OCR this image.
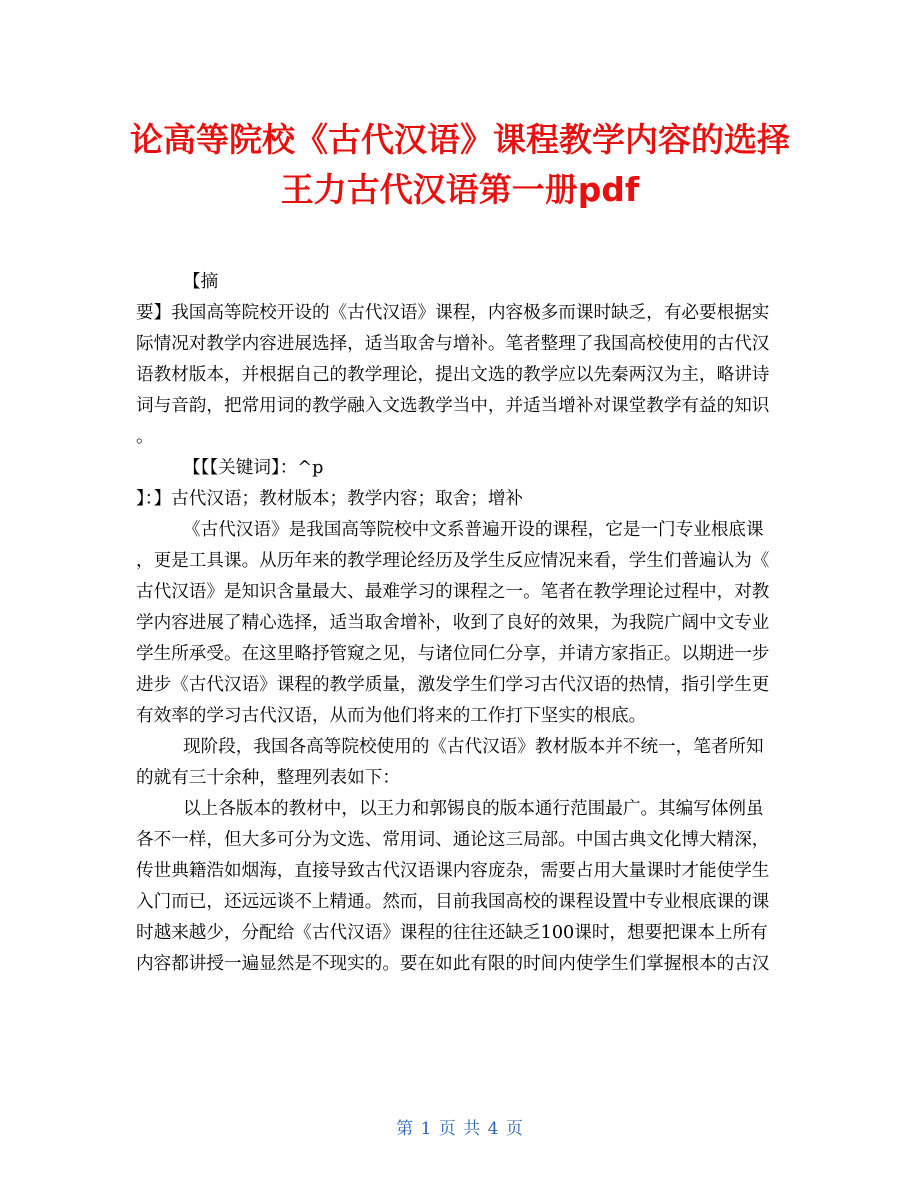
论高等院校《古代汉语》课程教学内容的选择
王力古代汉语第一册pdf
【摘
要】我国高等院校开设的《古代汉语》课程，内容极多而课时缺乏，有必要根据实
际情况对教学内容进展选择，适当取舍与增补。笔者整理了我国高校使用的古代汉
语教材版本，并根据自己的教学理论，提出文选的教学应以先秦两汉为主，略讲诗
词与音韵，把常用词的教学融入文选教学当中，并适当增补对课堂教学有益的知识
。
【【【关键词】：^p
】：】古代汉语；教材版本；教学内容；取舍；增补
《古代汉语》是我国高等院校中文系普遍开设的课程，它是一门专业根底课
，更是工具课。从历年来的教学理论经历及学生反应情况来看，学生们普遍认为《
古代汉语》是知识含量最大、最难学习的课程之一。笔者在教学理论过程中，对教
学内容进展了精心选择，适当取舍增补，收到了良好的效果，为我院广阔中文专业
学生所承受。在这里略抒管窥之见，与诸位同仁分享，并请方家指正。以期进一步
进步《古代汉语》课程的教学质量，激发学生们学习古代汉语的热情，指引学生更
有效率的学习古代汉语，从而为他们将来的工作打下坚实的根底。
现阶段，我国各高等院校使用的《古代汉语》教材版本并不统一，笔者所知
的就有三十余种，整理列表如下：
以上各版本的教材中，以王力和郭锡良的版本通行范围最广。其编写体例虽
各不一样，但大多可分为文选、常用词、通论这三局部。中国古典文化博大精深，
传世典籍浩如烟海，直接导致古代汉语课内容庞杂，需要占用大量课时才能使学生
入门而已，还远远谈不上精通。然而，目前我国高校的课程设置中专业根底课的课
时越来越少，分配给《古代汉语》课程的往往还缺乏100课时，想要把课本上所有
内容都讲授一遍显然是不现实的。要在如此有限的时间内使学生们掌握根本的古汉
第 1 页 共 4 页
